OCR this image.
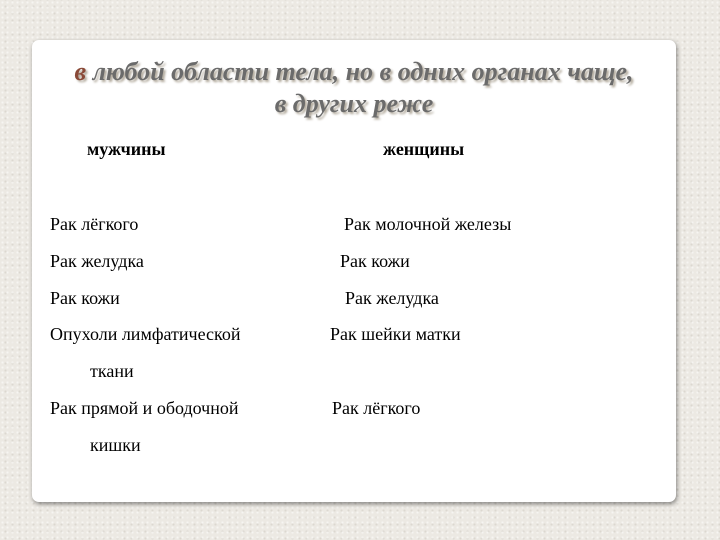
в любой области тела, но в одних органах чаще,
в других реже
мужчины	женщины
Рак лёгкого
Рак желудка
Рак кожи
Опухоли лимфатической
ткани
Рак прямой и ободочной
кишки
Рак молочной железы
Рак кожи
Рак желудка
Рак шейки матки
Рак лёгкого
